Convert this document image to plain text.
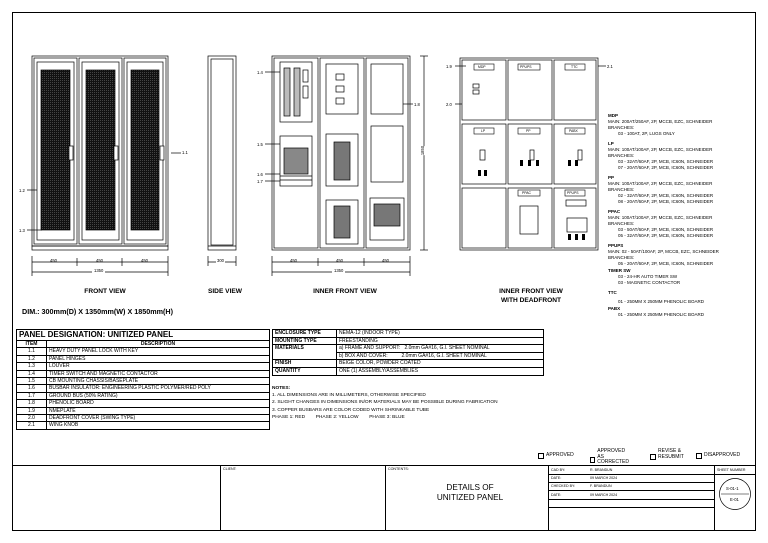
450	450	450
1350
300	450	450	450
1350
1850
1.1
1.2
1.3
1.4
1.5
1.6
1.7
1.8
1.9
2.0
2.1
MDP	PPUPS	TTC
LP	PP	PABX
PPAC	PPUPS
FRONT VIEW	SIDE VIEW	INNER FRONT VIEW	INNER FRONT VIEW
WITH DEADFRONT
DIM.: 300mm(D) X 1350mm(W) X 1850mm(H)
PANEL DESIGNATION: UNITIZED PANEL	
ITEM	DESCRIPTION
1.1	HEAVY DUTY PANEL LOCK WITH KEY
1.2	PANEL HINGES
1.3	LOUVER
1.4	TIMER SWITCH AND MAGNETIC CONTACTOR
1.5	CB MOUNTING CHASSIS/BASEPLATE
1.6	BUSBAR INSULATOR: ENGINEERING PLASTIC POLYMER/RED POLY
1.7	GROUND BUS (50% RATING)
1.8	PHENOLIC BOARD
1.9	NMEPLATE
2.0	DEADFRONT COVER (SWING TYPE)
2.1	WING KNOB
ENCLOSURE TYPE	NEMA-12 (INDOOR TYPE)
MOUNTING TYPE	FREESTANDING
MATERIALS	a) FRAME AND SUPPORT:   2.0mm GA#16, G.I. SHEET NOMINAL
	b) BOX AND COVER:          2.0mm GA#16, G.I. SHEET NOMINAL
FINISH	BEIGE COLOR, POWDER COATED
QUANTITY	ONE (1) ASSEMBLY/ASSEMBLIES
NOTES:
1. ALL DIMENSIONS ARE IN MILLIMETERS, OTHERWISE SPECIFIED
2. SLIGHT CHANGES IN DIMENSIONS IN/OR MATERIALS MAY BE POSSIBLE DURING FABRICATION
3. COPPER BUSBARS ARE COLOR CODED WITH SHRINKABLE TUBE
PHASE 1: RED        PHASE 2: YELLOW        PHASE 3: BLUE
MDP
MAIN: 200AT/250AF, 2P, MCCB, EZC, SCHNEIDER
BRANCHES:
03 - 100AT, 2P, LUGS ONLY
LP
MAIN: 100AT/100AF, 2P, MCCB, EZC, SCHNEIDER
BRANCHES:
03 - 32AT/60AF, 2P, MCB, IC60N, SCHNEIDER
07 - 20AT/60AF, 2P, MCB, IC60N, SCHNEIDER
PP
MAIN: 100AT/100AF, 2P, MCCB, EZC, SCHNEIDER
BRANCHES:
02 - 32AT/60AF, 2P, MCB, IC60N, SCHNEIDER
08 - 20AT/60AF, 2P, MCB, IC60N, SCHNEIDER
PPAC
MAIN: 100AT/100AF, 2P, MCCB, EZC, SCHNEIDER
BRANCHES:
03 - 50AT/60AF, 2P, MCB, IC60N, SCHNEIDER
05 - 32AT/60AF, 2P, MCB, IC60N, SCHNEIDER
PPUPS
MAIN: 02 - 50AT/100AF, 2P, MCCB, EZC, SCHNEIDER
BRANCHES:
05 - 20AT/60AF, 2P, MCB, IC60N, SCHNEIDER
TIMER SW
03 - 24-HR AUTO TIMER SW
03 - MAGNETIC CONTACTOR
TTC
01 - 250MM X 250MM PHENOLIC BOARD
PABX
01 - 250MM X 250MM PHENOLIC BOARD
APPROVED
APPROVED
AS CORRECTED
REVISE &
RESUBMIT	DISAPPROVED
CLIENT:	CONTENTS:
DETAILS OF
UNITIZED PANEL
CAD BY:	R. BRANDUN
DATE:	09 MARCH 2024
CHECKED BY:	F. BRANDUN
DATE:	09 MARCH 2024
SHEET NUMBER
S-01-1
E-01
